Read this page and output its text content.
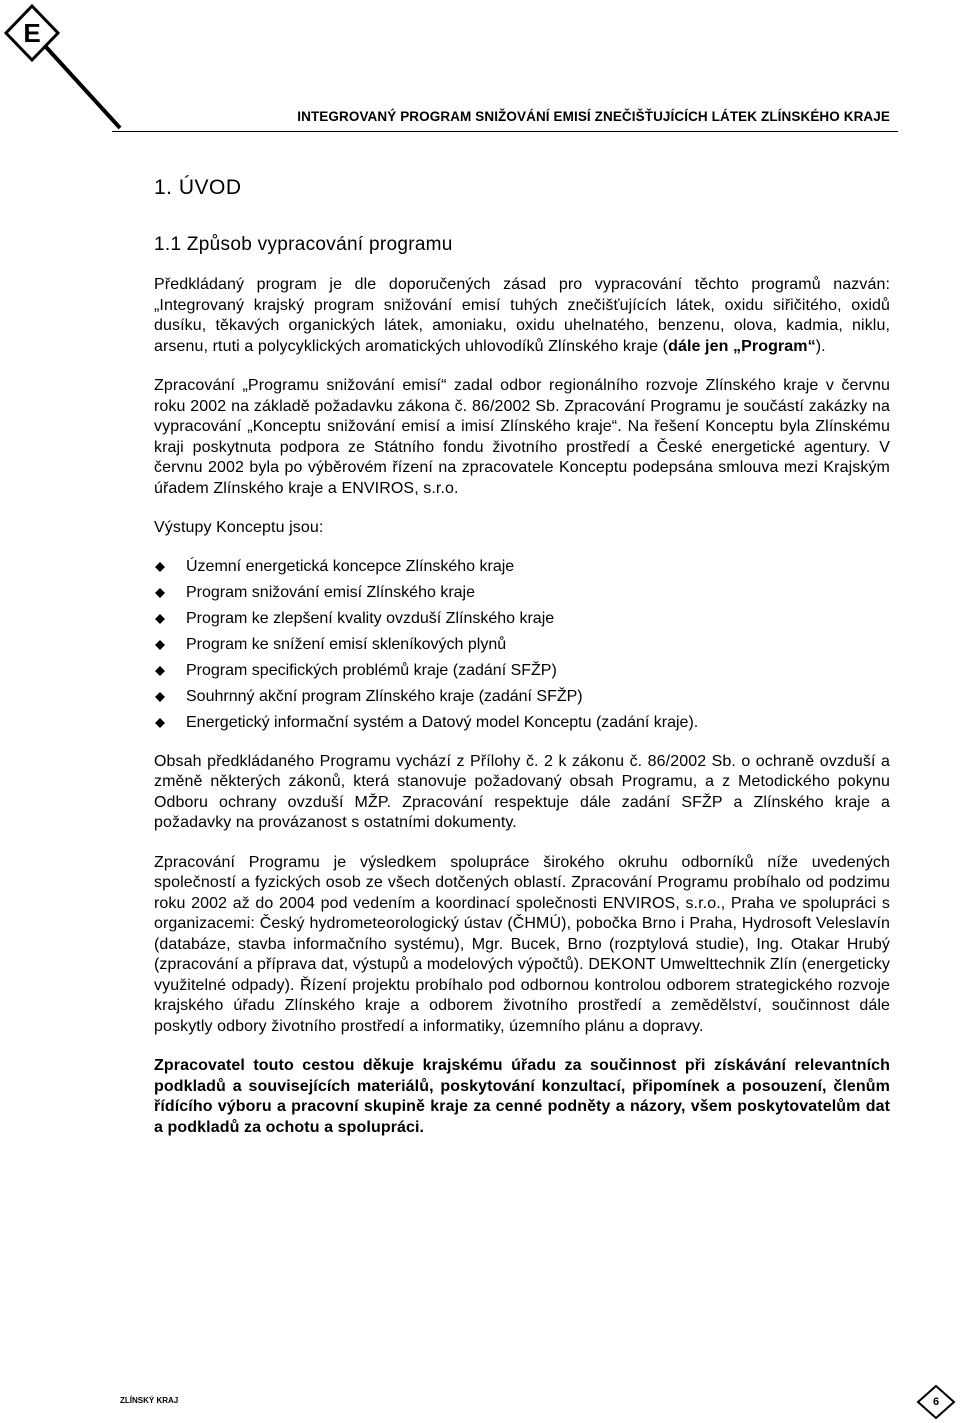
E
INTEGROVANÝ PROGRAM SNIŽOVÁNÍ EMISÍ ZNEČIŠŤUJÍCÍCH LÁTEK ZLÍNSKÉHO KRAJE
1. ÚVOD
1.1 Způsob vypracování programu

Předkládaný program je dle doporučených zásad pro vypracování těchto programů nazván: „Integrovaný krajský program snižování emisí tuhých znečišťujících látek, oxidu siřičitého, oxidů dusíku, těkavých organických látek, amoniaku, oxidu uhelnatého, benzenu, olova, kadmia, niklu, arsenu, rtuti a polycyklických aromatických uhlovodíků Zlínského kraje (dále jen „Program“).

Zpracování „Programu snižování emisí“ zadal odbor regionálního rozvoje Zlínského kraje v červnu roku 2002 na základě požadavku zákona č. 86/2002 Sb. Zpracování Programu je součástí zakázky na vypracování „Konceptu snižování emisí a imisí Zlínského kraje“. Na řešení Konceptu byla Zlínskému kraji poskytnuta podpora ze Státního fondu životního prostředí a České energetické agentury. V červnu 2002 byla po výběrovém řízení na zpracovatele Konceptu podepsána smlouva mezi Krajským úřadem Zlínského kraje a ENVIROS, s.r.o.

Výstupy Konceptu jsou:

Územní energetická koncepce Zlínského kraje
Program snižování emisí Zlínského kraje
Program ke zlepšení kvality ovzduší Zlínského kraje
Program ke snížení emisí skleníkových plynů
Program specifických problémů kraje (zadání SFŽP)
Souhrnný akční program Zlínského kraje (zadání SFŽP)
Energetický informační systém a Datový model Konceptu (zadání kraje).

Obsah předkládaného Programu vychází z Přílohy č. 2 k zákonu č. 86/2002 Sb. o ochraně ovzduší a změně některých zákonů, která stanovuje požadovaný obsah Programu, a z Metodického pokynu Odboru ochrany ovzduší MŽP. Zpracování respektuje dále zadání SFŽP a Zlínského kraje a požadavky na provázanost s ostatními dokumenty.

Zpracování Programu je výsledkem spolupráce širokého okruhu odborníků níže uvedených společností a fyzických osob ze všech dotčených oblastí. Zpracování Programu probíhalo od podzimu roku 2002 až do 2004 pod vedením a koordinací společnosti ENVIROS, s.r.o., Praha ve spolupráci s organizacemi: Český hydrometeorologický ústav (ČHMÚ), pobočka Brno i Praha, Hydrosoft Veleslavín (databáze, stavba informačního systému), Mgr. Bucek, Brno (rozptylová studie), Ing. Otakar Hrubý (zpracování a příprava dat, výstupů a modelových výpočtů). DEKONT Umwelttechnik Zlín (energeticky využitelné odpady). Řízení projektu probíhalo pod odbornou kontrolou odborem strategického rozvoje krajského úřadu Zlínského kraje a odborem životního prostředí a zemědělství, součinnost dále poskytly odbory životního prostředí a informatiky, územního plánu a dopravy.

Zpracovatel touto cestou děkuje krajskému úřadu za součinnost při získávání relevantních podkladů a souvisejících materiálů, poskytování konzultací, připomínek a posouzení, členům řídícího výboru a pracovní skupině kraje za cenné podněty a názory, všem poskytovatelům dat a podkladů za ochotu a spolupráci.

ZLÍNSKÝ KRAJ	6
